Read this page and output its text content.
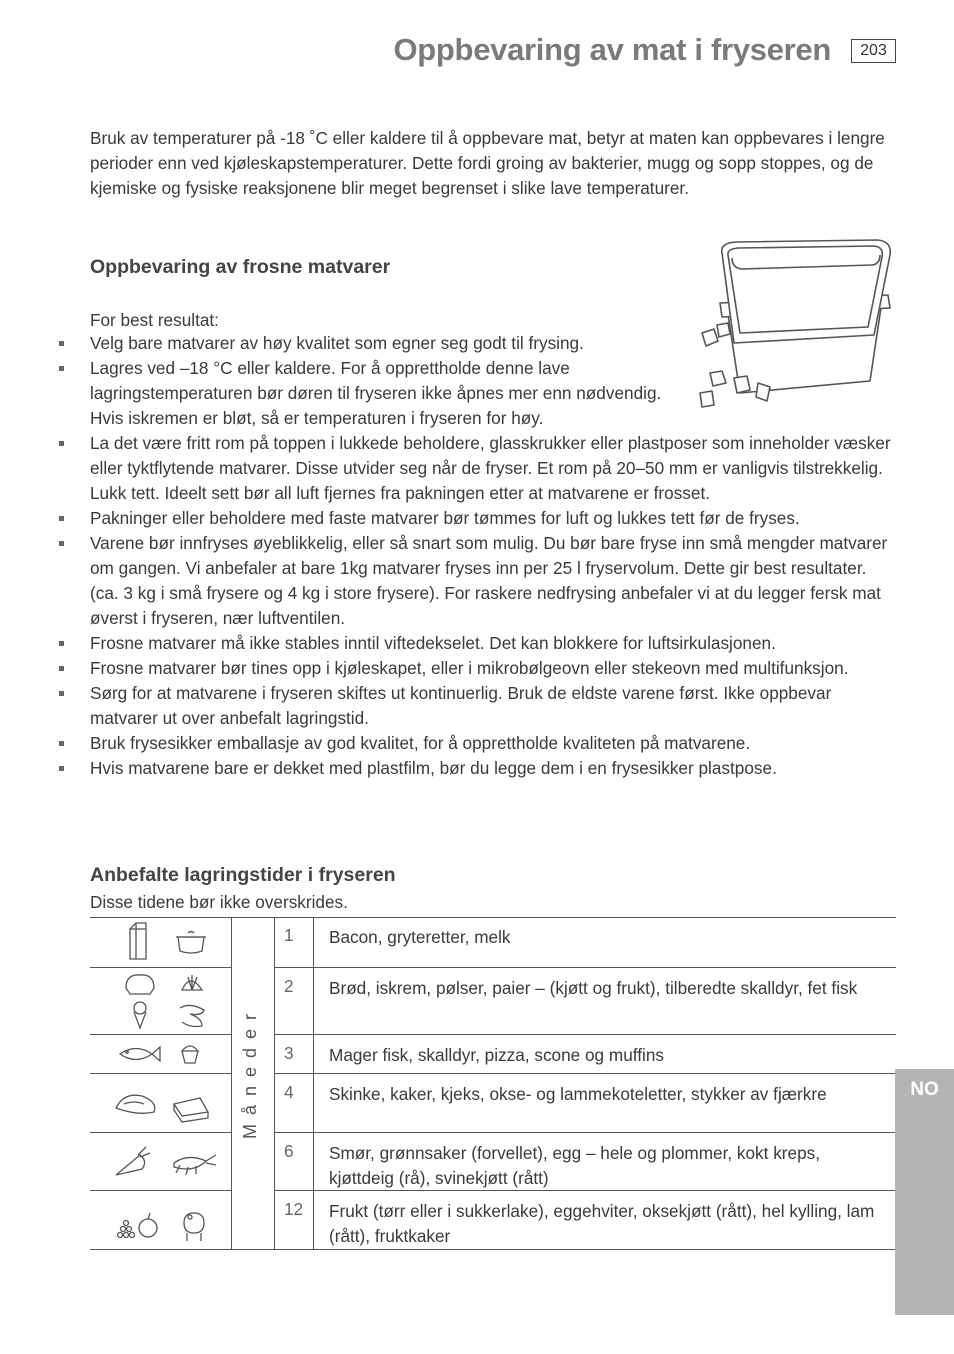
Oppbevaring av mat i fryseren	203

Bruk av temperaturer på -18 ˚C eller kaldere til å oppbevare mat, betyr at maten kan oppbevares i lengre perioder enn ved kjøleskapstemperaturer. Dette fordi groing av bakterier, mugg og sopp stoppes, og de kjemiske og fysiske reaksjonene blir meget begrenset i slike lave temperaturer.

Oppbevaring av frosne matvarer

For best resultat:

Velg bare matvarer av høy kvalitet som egner seg godt til frysing.
Lagres ved –18 °C eller kaldere. For å opprettholde denne lave lagringstemperaturen bør døren til fryseren ikke åpnes mer enn nødvendig. Hvis iskremen er bløt, så er temperaturen i fryseren for høy.
La det være fritt rom på toppen i lukkede beholdere, glasskrukker eller plastposer som inneholder væsker eller tyktflytende matvarer. Disse utvider seg når de fryser. Et rom på 20–50 mm er vanligvis tilstrekkelig. Lukk tett. Ideelt sett bør all luft fjernes fra pakningen etter at matvarene er frosset.
Pakninger eller beholdere med faste matvarer bør tømmes for luft og lukkes tett før de fryses.
Varene bør innfryses øyeblikkelig, eller så snart som mulig. Du bør bare fryse inn små mengder matvarer om gangen. Vi anbefaler at bare 1kg matvarer fryses inn per 25 l fryservolum. Dette gir best resultater. (ca. 3 kg i små frysere og 4 kg i store frysere). For raskere nedfrysing anbefaler vi at du legger fersk mat øverst i fryseren, nær luftventilen.
Frosne matvarer må ikke stables inntil viftedekselet. Det kan blokkere for luftsirkulasjonen.
Frosne matvarer bør tines opp i kjøleskapet, eller i mikrobølgeovn eller stekeovn med multifunksjon.
Sørg for at matvarene i fryseren skiftes ut kontinuerlig. Bruk de eldste varene først. Ikke oppbevar matvarer ut over anbefalt lagringstid.
Bruk frysesikker emballasje av god kvalitet, for å opprettholde kvaliteten på matvarene.
Hvis matvarene bare er dekket med plastfilm, bør du legge dem i en frysesikker plastpose.
Anbefalte lagringstider i fryseren

Disse tidene bør ikke overskrides.

Måneder
1 Bacon, gryteretter, melk
2 Brød, iskrem, pølser, paier – (kjøtt og frukt), tilberedte skalldyr, fet fisk
3 Mager fisk, skalldyr, pizza, scone og muffins
4 Skinke, kaker, kjeks, okse- og lammekoteletter, stykker av fjærkre
6 Smør, grønnsaker (forvellet), egg – hele og plommer, kokt kreps, kjøttdeig (rå), svinekjøtt (rått)
12 Frukt (tørr eller i sukkerlake), eggehviter, oksekjøtt (rått), hel kylling, lam (rått), fruktkaker
NO
